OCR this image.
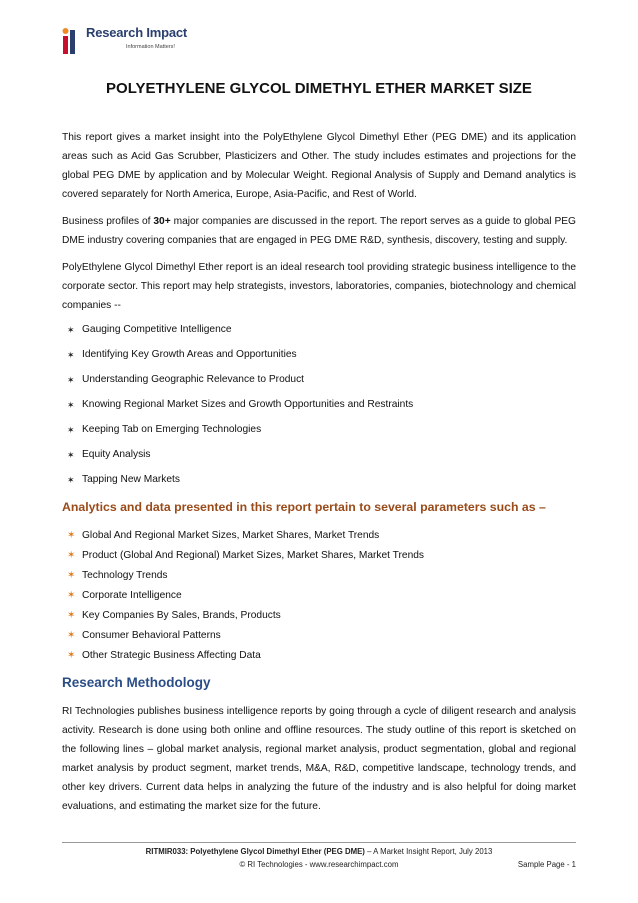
Research Impact
Information Matters!
POLYETHYLENE GLYCOL DIMETHYL ETHER MARKET SIZE

This report gives a market insight into the PolyEthylene Glycol Dimethyl Ether (PEG DME) and its application areas such as Acid Gas Scrubber, Plasticizers and Other. The study includes estimates and projections for the global PEG DME by application and by Molecular Weight. Regional Analysis of Supply and Demand analytics is covered separately for North America, Europe, Asia-Pacific, and Rest of World.

Business profiles of 30+ major companies are discussed in the report. The report serves as a guide to global PEG DME industry covering companies that are engaged in PEG DME R&D, synthesis, discovery, testing and supply.

PolyEthylene Glycol Dimethyl Ether report is an ideal research tool providing strategic business intelligence to the corporate sector. This report may help strategists, investors, laboratories, companies, biotechnology and chemical companies --

✶ Gauging Competitive Intelligence
✶ Identifying Key Growth Areas and Opportunities
✶ Understanding Geographic Relevance to Product
✶ Knowing Regional Market Sizes and Growth Opportunities and Restraints
✶ Keeping Tab on Emerging Technologies
✶ Equity Analysis
✶ Tapping New Markets
Analytics and data presented in this report pertain to several parameters such as –
✶ Global And Regional Market Sizes, Market Shares, Market Trends
✶ Product (Global And Regional) Market Sizes, Market Shares, Market Trends
✶ Technology Trends
✶ Corporate Intelligence
✶ Key Companies By Sales, Brands, Products
✶ Consumer Behavioral Patterns
✶ Other Strategic Business Affecting Data
Research Methodology

RI Technologies publishes business intelligence reports by going through a cycle of diligent research and analysis activity. Research is done using both online and offline resources. The study outline of this report is sketched on the following lines – global market analysis, regional market analysis, product segmentation, global and regional market analysis by product segment, market trends, M&A, R&D, competitive landscape, technology trends, and other key drivers. Current data helps in analyzing the future of the industry and is also helpful for doing market evaluations, and estimating the market size for the future.

RITMIR033: Polyethylene Glycol Dimethyl Ether (PEG DME) – A Market Insight Report, July 2013
© RI Technologies - www.researchimpact.com	Sample Page - 1
